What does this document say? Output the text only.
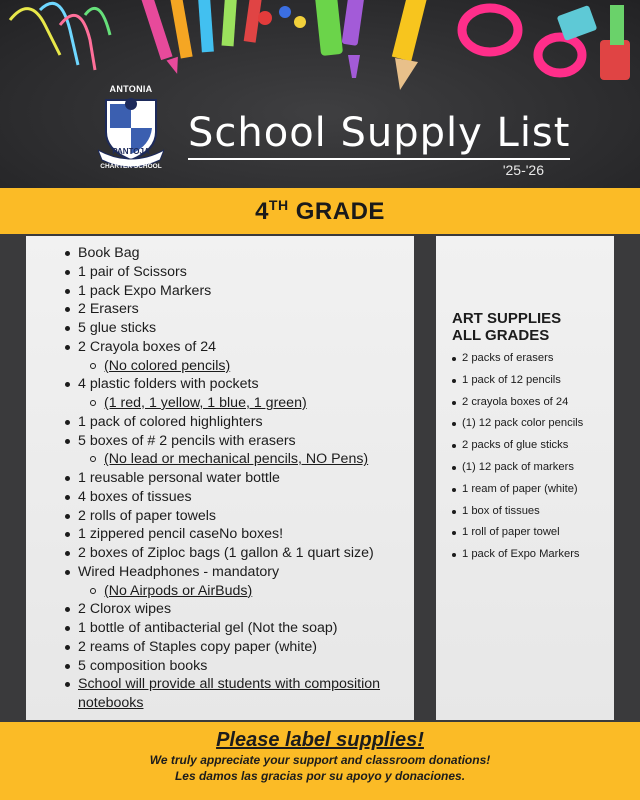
ANTONIA
PANTOJA
CHARTER SCHOOL
School Supply List
'25-'26
4TH GRADE
Book Bag
1 pair of Scissors
1 pack Expo Markers
2 Erasers
5 glue sticks
2 Crayola boxes of 24
(No colored pencils)
4 plastic folders with pockets
(1 red, 1 yellow, 1 blue, 1 green)
1 pack of colored highlighters
5 boxes of # 2 pencils with erasers
(No lead or mechanical pencils, NO Pens)
1 reusable personal water bottle
4 boxes of tissues
2 rolls of paper towels
1 zippered pencil caseNo boxes!
2 boxes of Ziploc bags (1 gallon & 1 quart size)
Wired Headphones - mandatory
(No Airpods or AirBuds)
2 Clorox wipes
1 bottle of antibacterial gel (Not the soap)
2 reams of Staples copy paper (white)
5 composition books
School will provide all students with composition notebooks
ART SUPPLIES
ALL GRADES
2 packs of erasers
1 pack of 12 pencils
2 crayola boxes of 24
(1) 12 pack color pencils
2 packs of glue sticks
(1) 12 pack of markers
1 ream of paper (white)
1 box of tissues
1 roll of paper towel
1 pack of Expo Markers
Please label supplies!
We truly appreciate your support and classroom donations!
Les damos las gracias por su apoyo y donaciones.
